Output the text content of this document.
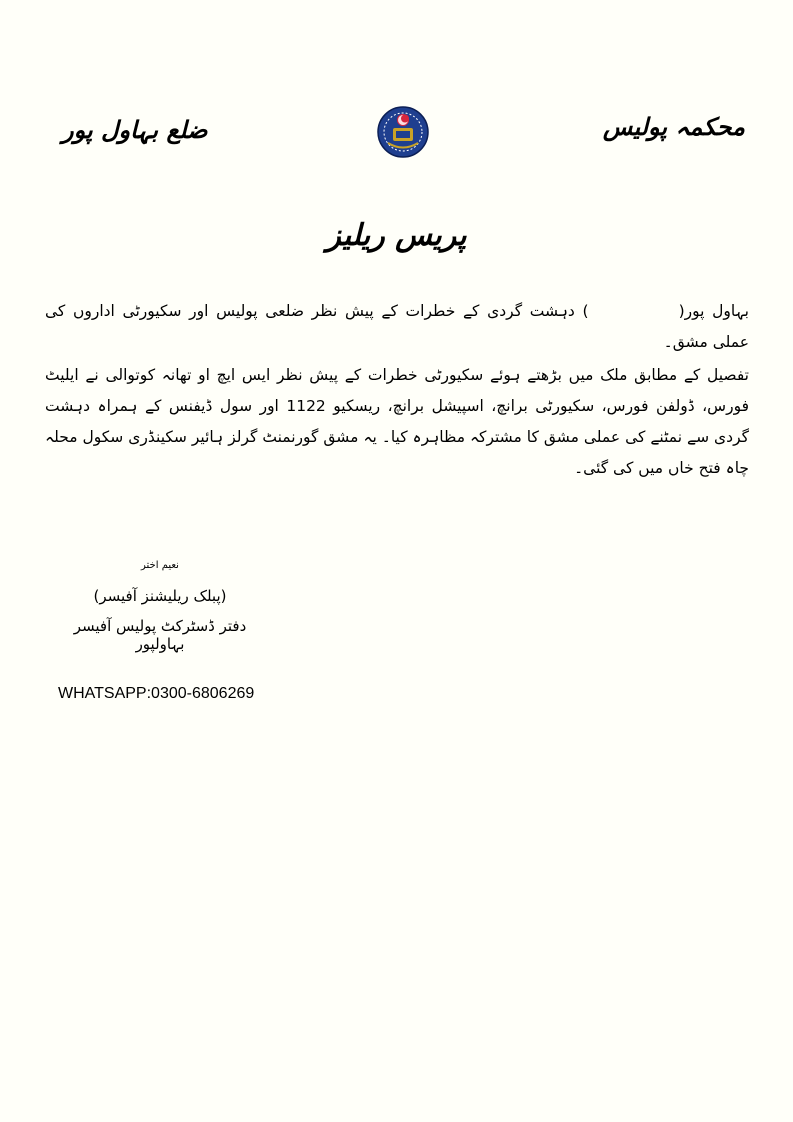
محکمہ پولیس
ضلع بہاول پور
پریس ریلیز

بہاول پور() دہشت گردی کے خطرات کے پیش نظر ضلعی پولیس اور سکیورٹی اداروں کی عملی مشق۔

تفصیل کے مطابق ملک میں بڑھتے ہوئے سکیورٹی خطرات کے پیش نظر ایس ایچ او تھانہ کوتوالی نے ایلیٹ فورس، ڈولفن فورس، سکیورٹی برانچ، اسپیشل برانچ، ریسکیو 1122 اور سول ڈیفنس کے ہمراہ دہشت گردی سے نمٹنے کی عملی مشق کا مشترکہ مظاہرہ کیا۔ یہ مشق گورنمنٹ گرلز ہائیر سکینڈری سکول محلہ چاہ فتح خاں میں کی گئی۔

نعیم اختر
(پبلک ریلیشنز آفیسر)
دفتر ڈسٹرکٹ پولیس آفیسر بہاولپور
WHATSAPP:0300-6806269
